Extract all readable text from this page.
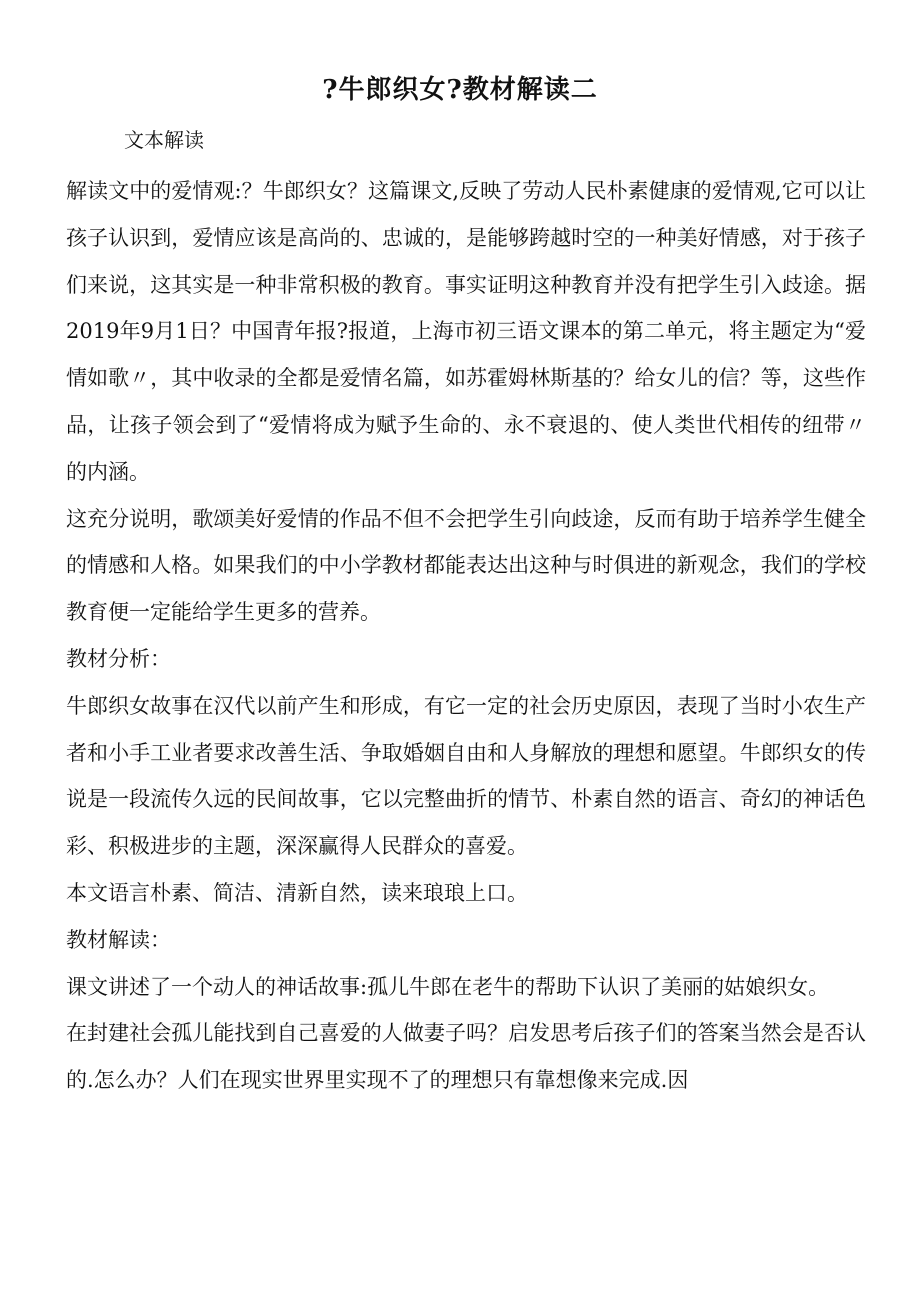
?牛郎织女?教材解读二

文本解读

解读文中的爱情观:？牛郎织女？这篇课文,反映了劳动人民朴素健康的爱情观,它可以让孩子认识到，爱情应该是高尚的、忠诚的，是能够跨越时空的一种美好情感，对于孩子们来说，这其实是一种非常积极的教育。事实证明这种教育并没有把学生引入歧途。据2019年9月1日？中国青年报?报道，上海市初三语文课本的第二单元，将主题定为“爱情如歌〃，其中收录的全都是爱情名篇，如苏霍姆林斯基的？给女儿的信？等，这些作品，让孩子领会到了“爱情将成为赋予生命的、永不衰退的、使人类世代相传的纽带〃的内涵。

这充分说明，歌颂美好爱情的作品不但不会把学生引向歧途，反而有助于培养学生健全的情感和人格。如果我们的中小学教材都能表达出这种与时俱进的新观念，我们的学校教育便一定能给学生更多的营养。

教材分析：

牛郎织女故事在汉代以前产生和形成，有它一定的社会历史原因，表现了当时小农生产者和小手工业者要求改善生活、争取婚姻自由和人身解放的理想和愿望。牛郎织女的传说是一段流传久远的民间故事，它以完整曲折的情节、朴素自然的语言、奇幻的神话色彩、积极进步的主题，深深赢得人民群众的喜爱。

本文语言朴素、简洁、清新自然，读来琅琅上口。

教材解读：

课文讲述了一个动人的神话故事:孤儿牛郎在老牛的帮助下认识了美丽的姑娘织女。

在封建社会孤儿能找到自己喜爱的人做妻子吗？启发思考后孩子们的答案当然会是否认的.怎么办？人们在现实世界里实现不了的理想只有靠想像来完成.因
